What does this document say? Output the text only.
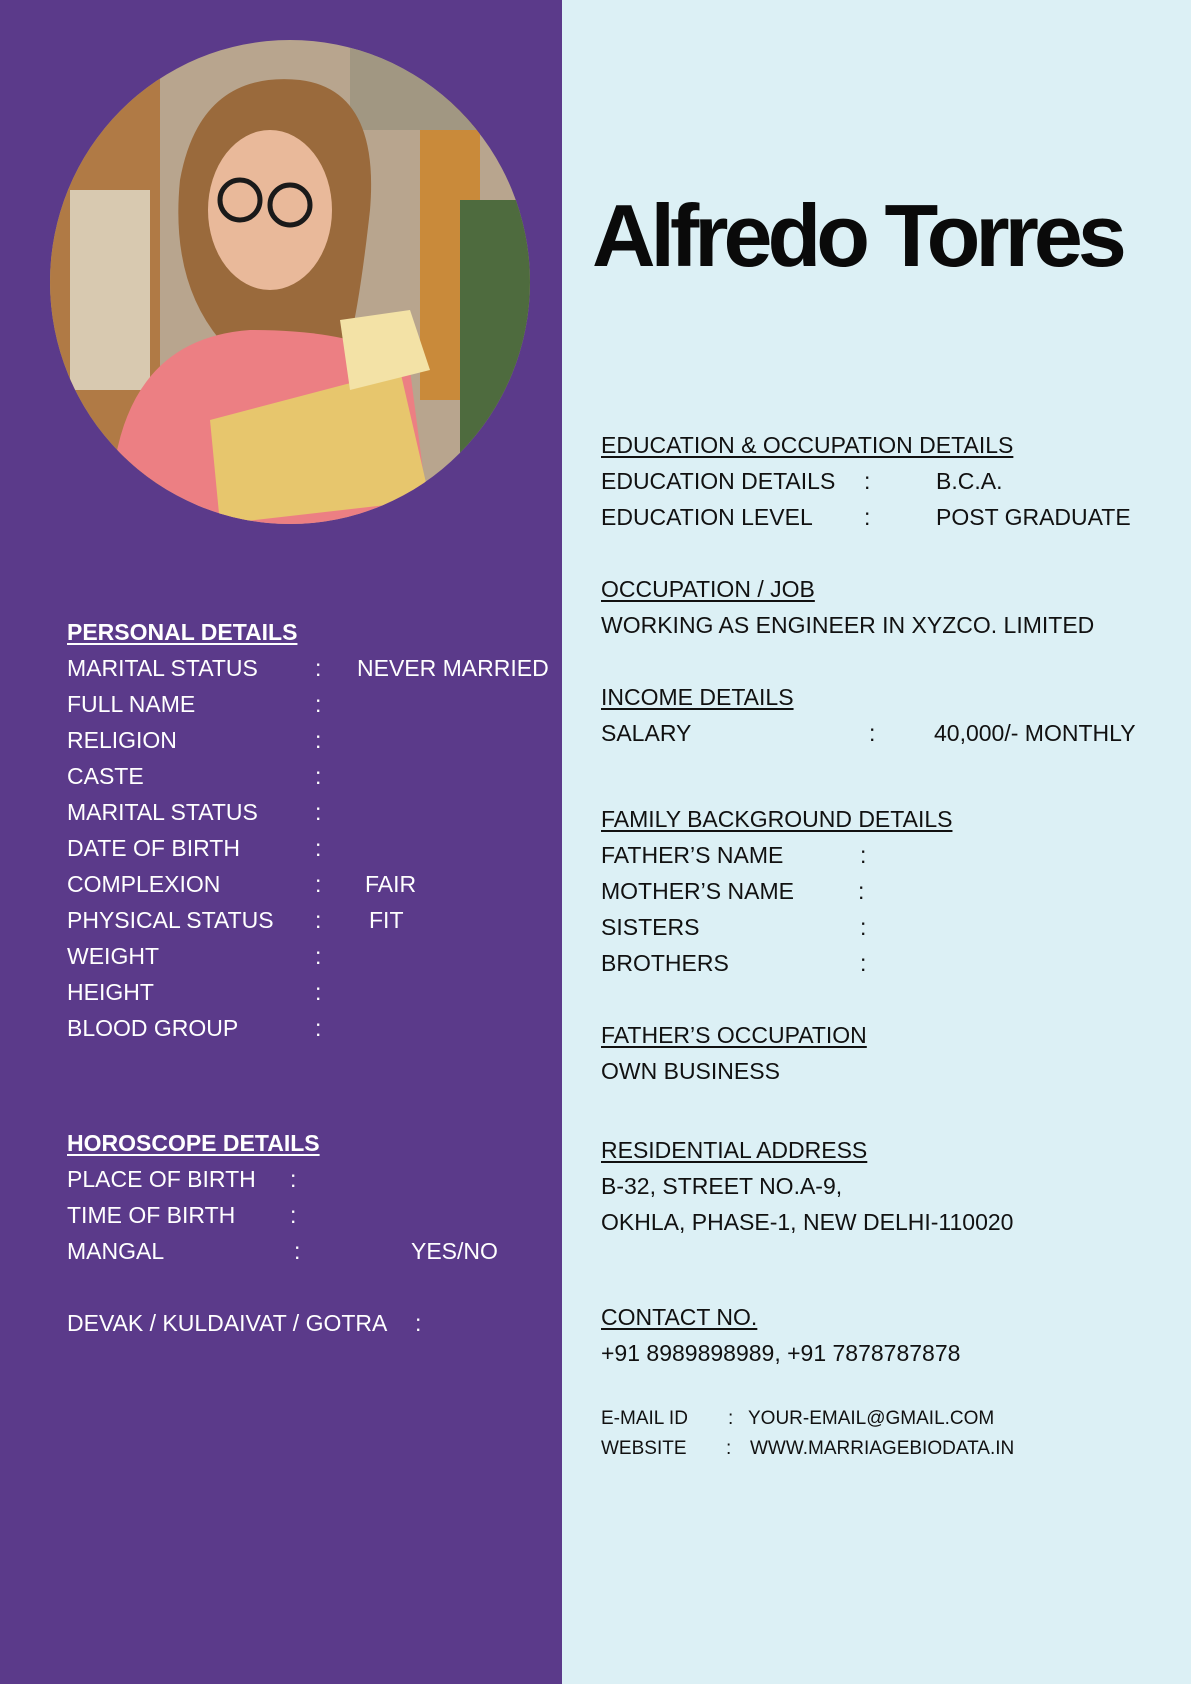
PERSONAL DETAILS
MARITAL STATUS : NEVER MARRIED
FULL NAME	:
RELIGION	:
CASTE	:
MARITAL STATUS :
DATE OF BIRTH	:
COMPLEXION	: FAIR
PHYSICAL STATUS : FIT
WEIGHT	:
HEIGHT	:
BLOOD GROUP	:
HOROSCOPE DETAILS
PLACE OF BIRTH :
TIME OF BIRTH :
MANGAL	:	YES/NO
DEVAK / KULDAIVAT / GOTRA :
Alfredo Torres
EDUCATION & OCCUPATION DETAILS
EDUCATION DETAILS :	B.C.A.
EDUCATION LEVEL :	POST GRADUATE
OCCUPATION / JOB
WORKING AS ENGINEER IN XYZCO. LIMITED
INCOME DETAILS
SALARY	:	40,000/- MONTHLY
FAMILY BACKGROUND DETAILS
FATHER’S NAME	:
MOTHER’S NAME	:
SISTERS	:
BROTHERS	:
FATHER’S OCCUPATION
OWN BUSINESS
RESIDENTIAL ADDRESS
B-32, STREET NO.A-9,
OKHLA, PHASE-1, NEW DELHI-110020
CONTACT NO.
+91 8989898989, +91 7878787878
E-MAIL ID : YOUR-EMAIL@GMAIL.COM
WEBSITE : WWW.MARRIAGEBIODATA.IN
